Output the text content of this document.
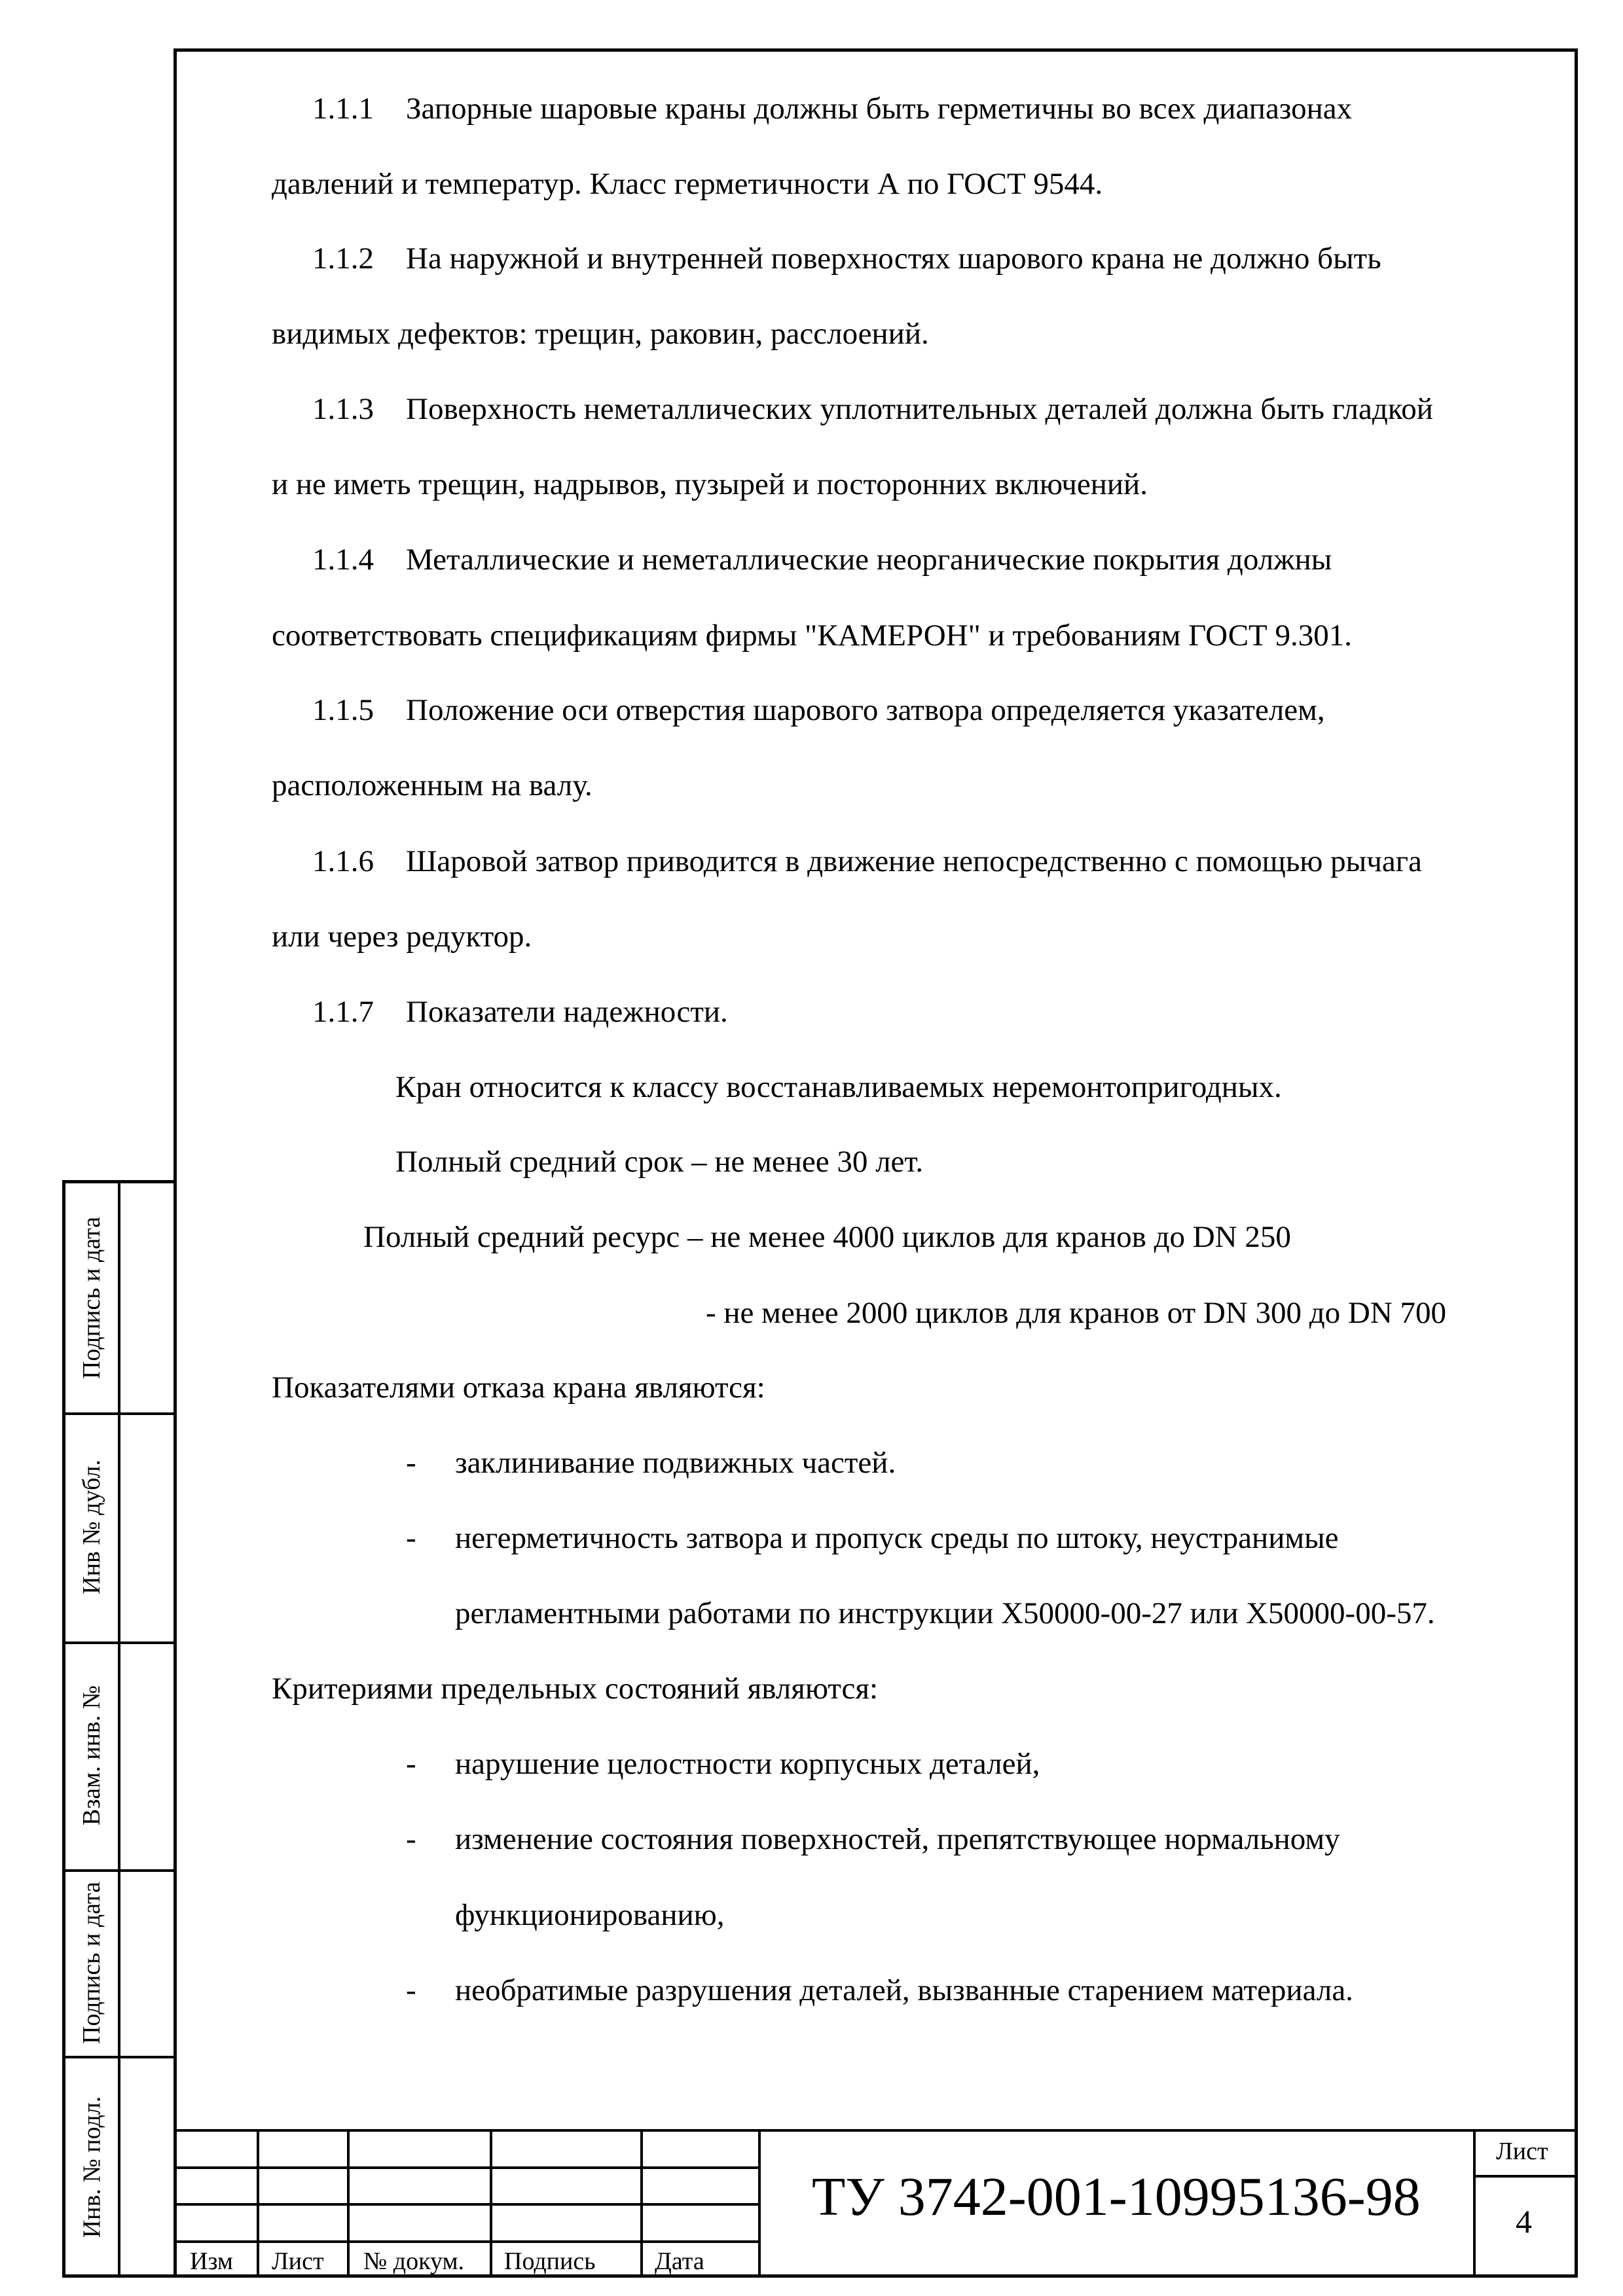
1.1.1 Запорные шаровые краны должны быть герметичны во всех диапазонах
давлений и температур. Класс герметичности А по ГОСТ 9544.
1.1.2 На наружной и внутренней поверхностях шарового крана не должно быть
видимых дефектов: трещин, раковин, расслоений.
1.1.3 Поверхность неметаллических уплотнительных деталей должна быть гладкой
и не иметь трещин, надрывов, пузырей и посторонних включений.
1.1.4 Металлические и неметаллические неорганические покрытия должны
соответствовать спецификациям фирмы "КАМЕРОН" и требованиям ГОСТ 9.301.
1.1.5 Положение оси отверстия шарового затвора определяется указателем,
расположенным на валу.
1.1.6 Шаровой затвор приводится в движение непосредственно с помощью рычага
или через редуктор.
1.1.7 Показатели надежности.
Кран относится к классу восстанавливаемых неремонтопригодных.
Полный средний срок – не менее 30 лет.
Полный средний ресурс – не менее 4000 циклов для кранов до DN 250
- не менее 2000 циклов для кранов от DN 300 до DN 700
Показателями отказа крана являются:
- заклинивание подвижных частей.
- негерметичность затвора и пропуск среды по штоку, неустранимые
регламентными работами по инструкции Х50000-00-27 или Х50000-00-57.
Критериями предельных состояний являются:
- нарушение целостности корпусных деталей,
- изменение состояния поверхностей, препятствующее нормальному
функционированию,
- необратимые разрушения деталей, вызванные старением материала.
Подпись и дата
Инв № дубл.
Взам. инв. №
Подпись и дата
Инв. № подл.
Изм Лист № докум. Подпись Дата
ТУ 3742-001-10995136-98
Лист
4
